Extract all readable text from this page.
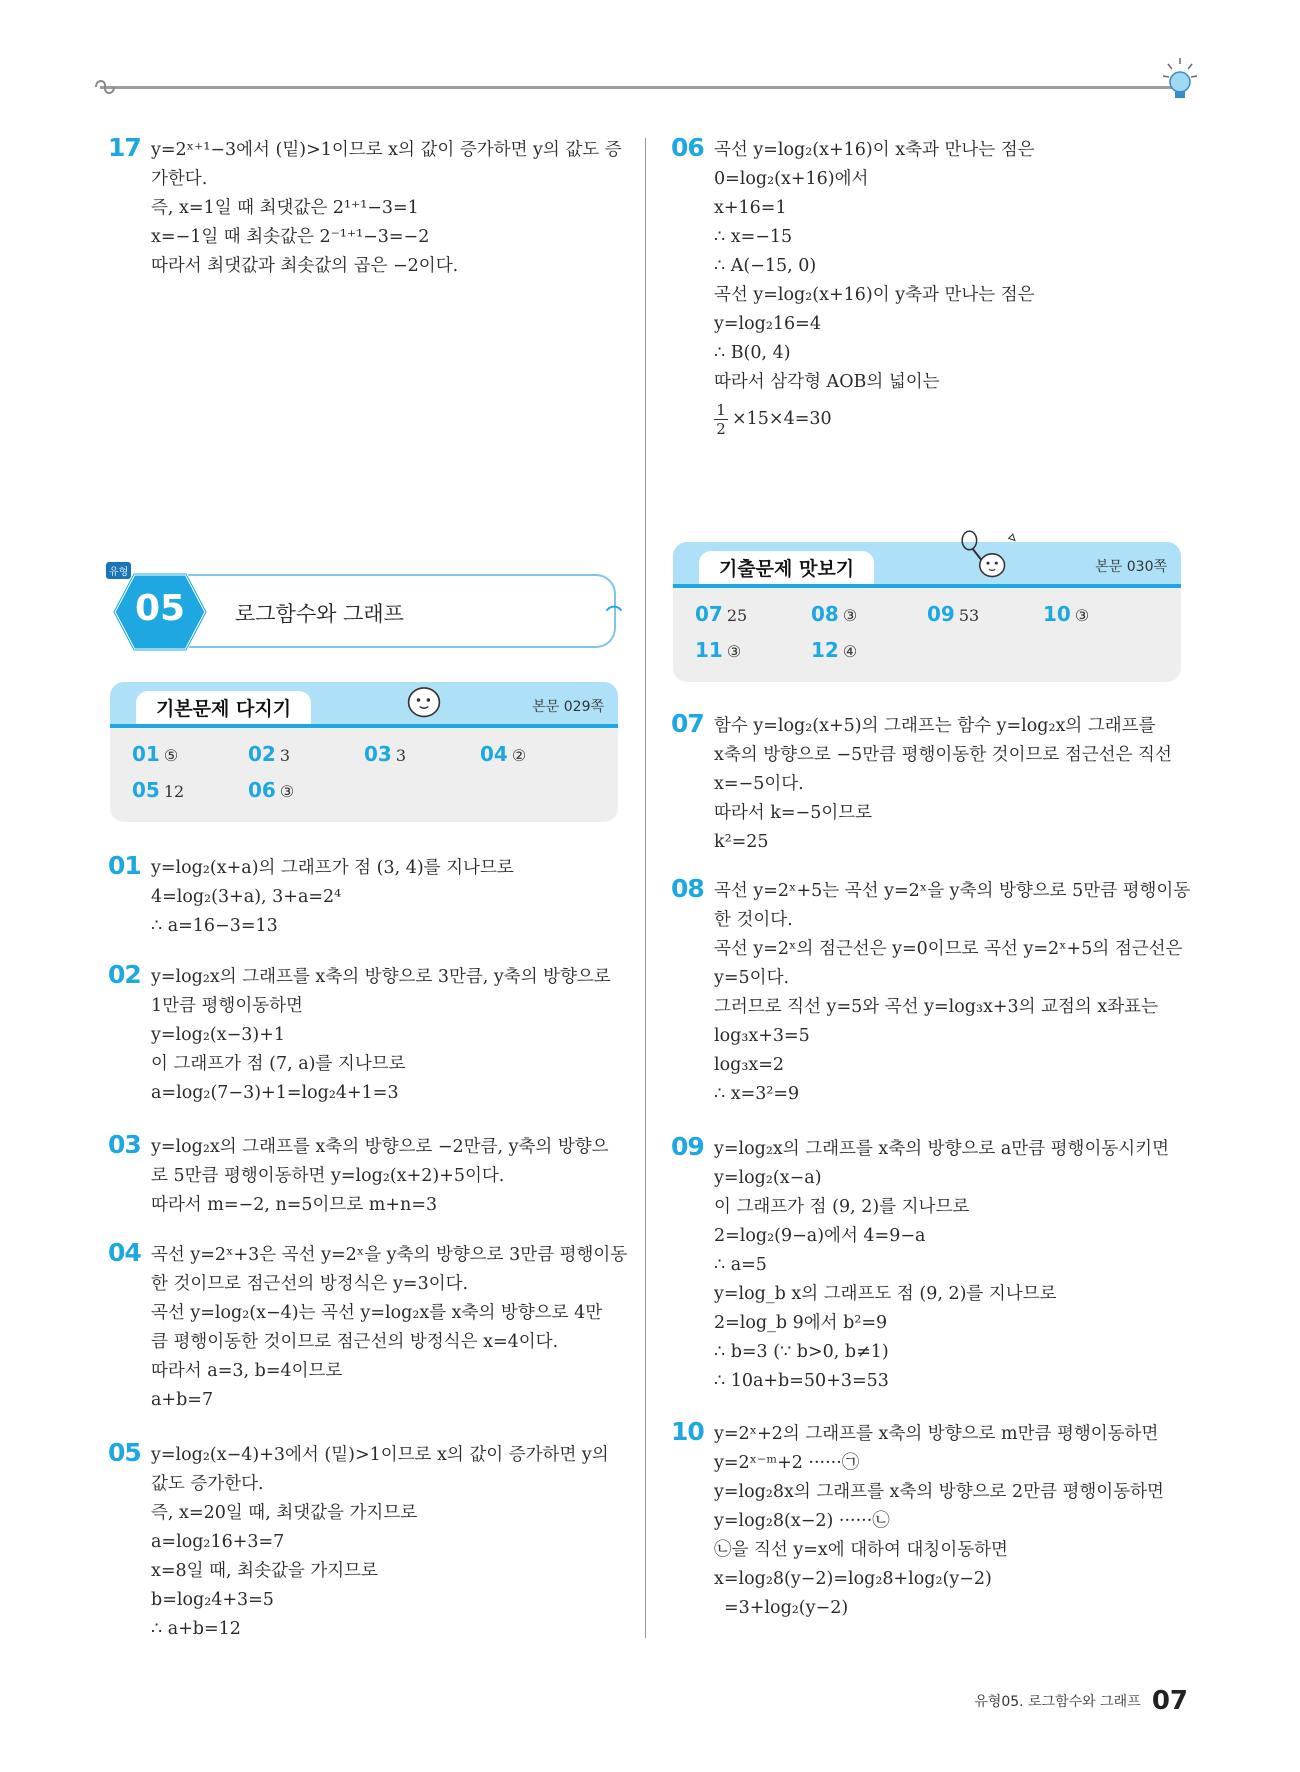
17 y=2ˣ⁺¹−3에서 (밑)>1이므로 x의 값이 증가하면 y의 값도 증
가한다.
즉, x=1일 때 최댓값은 2¹⁺¹−3=1
x=−1일 때 최솟값은 2⁻¹⁺¹−3=−2
따라서 최댓값과 최솟값의 곱은 −2이다.
05
유형
로그함수와 그래프
기본문제 다지기	본문 029쪽
01 ⑤	02 3	03 3	04 ②
05 12	06 ③
01 y=log₂(x+a)의 그래프가 점 (3, 4)를 지나므로
4=log₂(3+a), 3+a=2⁴
∴ a=16−3=13
02 y=log₂x의 그래프를 x축의 방향으로 3만큼, y축의 방향으로
1만큼 평행이동하면
y=log₂(x−3)+1
이 그래프가 점 (7, a)를 지나므로
a=log₂(7−3)+1=log₂4+1=3
03 y=log₂x의 그래프를 x축의 방향으로 −2만큼, y축의 방향으
로 5만큼 평행이동하면 y=log₂(x+2)+5이다.
따라서 m=−2, n=5이므로 m+n=3
04 곡선 y=2ˣ+3은 곡선 y=2ˣ을 y축의 방향으로 3만큼 평행이동
한 것이므로 점근선의 방정식은 y=3이다.
곡선 y=log₂(x−4)는 곡선 y=log₂x를 x축의 방향으로 4만
큼 평행이동한 것이므로 점근선의 방정식은 x=4이다.
따라서 a=3, b=4이므로
a+b=7
05 y=log₂(x−4)+3에서 (밑)>1이므로 x의 값이 증가하면 y의
값도 증가한다.
즉, x=20일 때, 최댓값을 가지므로
a=log₂16+3=7
x=8일 때, 최솟값을 가지므로
b=log₂4+3=5
∴ a+b=12
06 곡선 y=log₂(x+16)이 x축과 만나는 점은
0=log₂(x+16)에서
x+16=1
∴ x=−15
∴ A(−15, 0)
곡선 y=log₂(x+16)이 y축과 만나는 점은
y=log₂16=4
∴ B(0, 4)
따라서 삼각형 AOB의 넓이는
$\frac{1}{2} \times 15\times 4=30$
기출문제 맛보기	본문 030쪽
07 25	08 ③	09 53	10 ③
11 ③	12 ④
07 함수 y=log₂(x+5)의 그래프는 함수 y=log₂x의 그래프를
x축의 방향으로 −5만큼 평행이동한 것이므로 점근선은 직선
x=−5이다.
따라서 k=−5이므로
k²=25
08 곡선 y=2ˣ+5는 곡선 y=2ˣ을 y축의 방향으로 5만큼 평행이동
한 것이다.
곡선 y=2ˣ의 점근선은 y=0이므로 곡선 y=2ˣ+5의 점근선은
y=5이다.
그러므로 직선 y=5와 곡선 y=log₃x+3의 교점의 x좌표는
log₃x+3=5
log₃x=2
∴ x=3²=9
09 y=log₂x의 그래프를 x축의 방향으로 a만큼 평행이동시키면
y=log₂(x−a)
이 그래프가 점 (9, 2)를 지나므로
2=log₂(9−a)에서 4=9−a
∴ a=5
y=log_b x의 그래프도 점 (9, 2)를 지나므로
2=log_b 9에서 b²=9
∴ b=3 (∵ b>0, b≠1)
∴ 10a+b=50+3=53
10 y=2ˣ+2의 그래프를 x축의 방향으로 m만큼 평행이동하면
y=2ˣ⁻ᵐ+2 ······㉠
y=log₂8x의 그래프를 x축의 방향으로 2만큼 평행이동하면
y=log₂8(x−2) ······㉡
㉡을 직선 y=x에 대하여 대칭이동하면
x=log₂8(y−2)=log₂8+log₂(y−2)
=3+log₂(y−2)
유형05. 로그함수와 그래프 07
